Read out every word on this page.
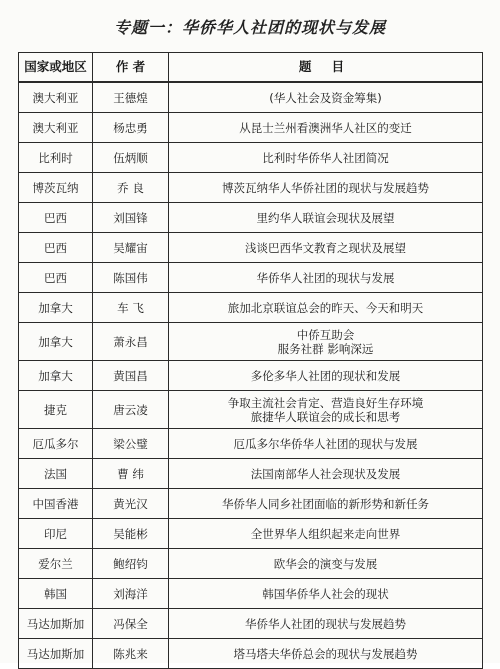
专题一：华侨华人社团的现状与发展
国家或地区	作 者	题 目
澳大利亚	王德煌	(华人社会及资金筹集)

澳大利亚	杨忠勇	从昆士兰州看澳洲华人社区的变迁

比利时	伍炳顺	比利时华侨华人社团简况

博茨瓦纳	乔 良	博茨瓦纳华人华侨社团的现状与发展趋势

巴西	刘国锋	里约华人联谊会现状及展望

巴西	吴耀宙	浅谈巴西华文教育之现状及展望

巴西	陈国伟	华侨华人社团的现状与发展

加拿大	车 飞	旅加北京联谊总会的昨天、今天和明天

加拿大	萧永昌	中侨互助会
服务社群 影响深远

加拿大	黄国昌	多伦多华人社团的现状和发展

捷克	唐云凌	争取主流社会肯定、营造良好生存环境
旅捷华人联谊会的成长和思考

厄瓜多尔	梁公璧	厄瓜多尔华侨华人社团的现状与发展

法国	曹 纬	法国南部华人社会现状及发展

中国香港	黄光汉	华侨华人同乡社团面临的新形势和新任务

印尼	吴能彬	全世界华人组织起来走向世界

爱尔兰	鲍绍钧	欧华会的演变与发展

韩国	刘海洋	韩国华侨华人社会的现状

马达加斯加	冯保全	华侨华人社团的现状与发展趋势

马达加斯加	陈兆来	塔马塔夫华侨总会的现状与发展趋势
